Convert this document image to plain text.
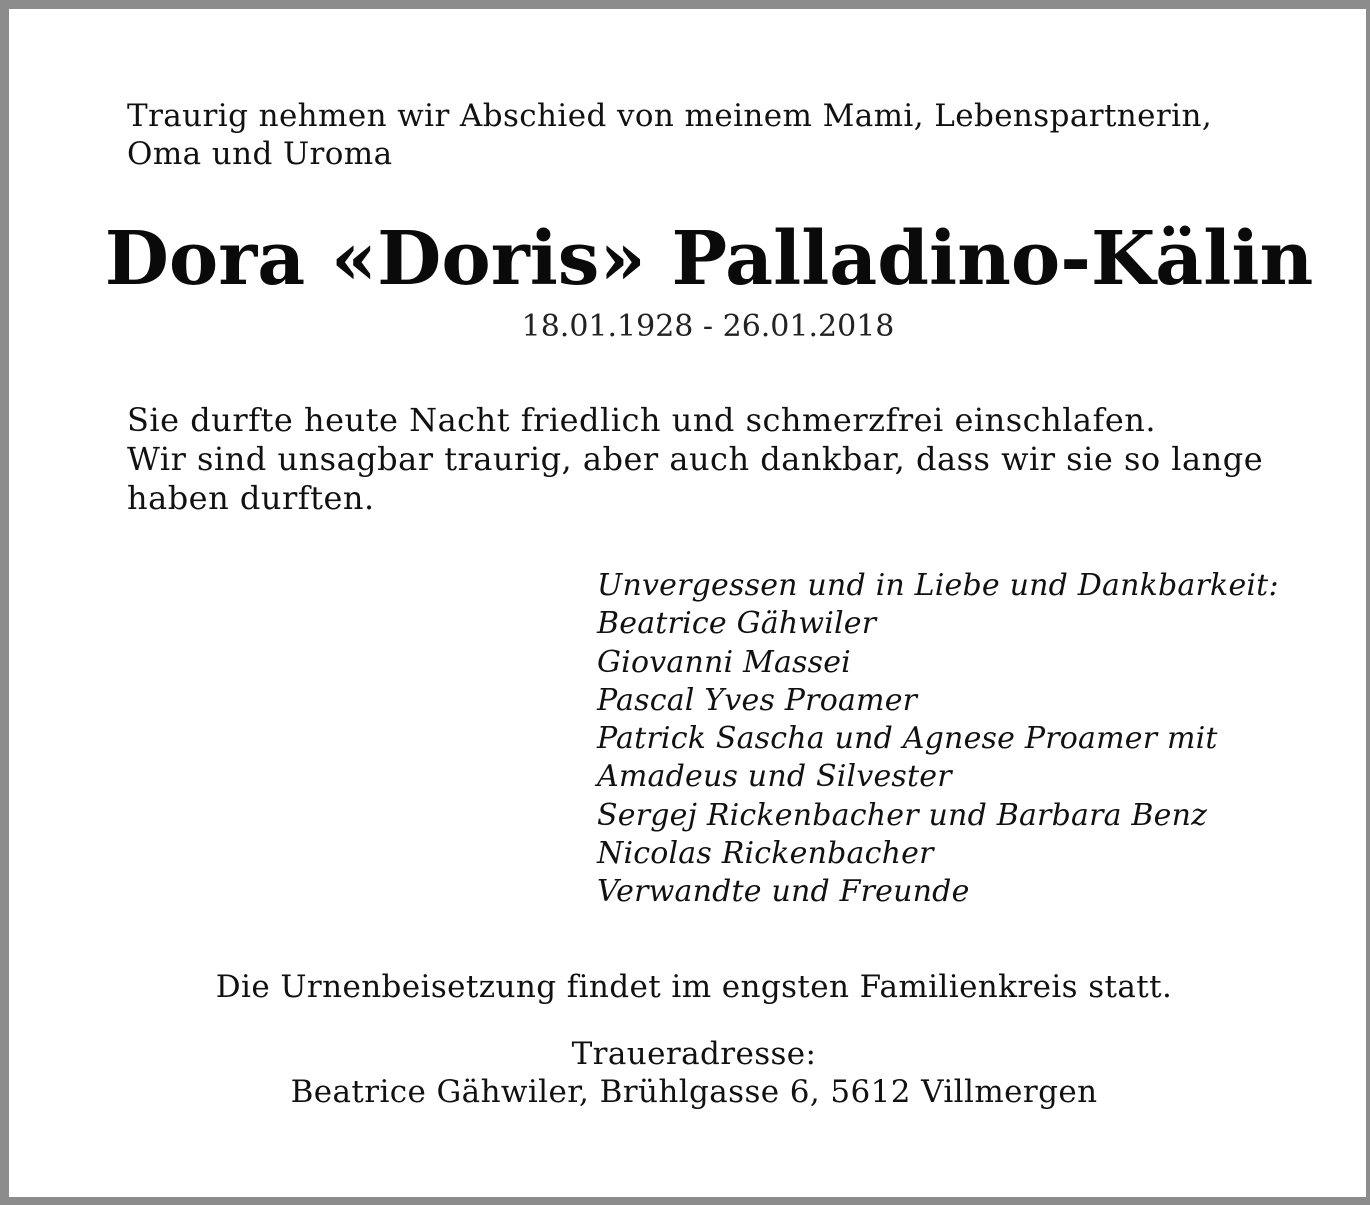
Traurig nehmen wir Abschied von meinem Mami, Lebenspartnerin,
Oma und Uroma

Dora «Doris» Palladino-Kälin

18.01.1928 - 26.01.2018

Sie durfte heute Nacht friedlich und schmerzfrei einschlafen.
Wir sind unsagbar traurig, aber auch dankbar, dass wir sie so lange
haben durften.

Unvergessen und in Liebe und Dankbarkeit:
Beatrice Gähwiler
Giovanni Massei
Pascal Yves Proamer
Patrick Sascha und Agnese Proamer mit
Amadeus und Silvester
Sergej Rickenbacher und Barbara Benz
Nicolas Rickenbacher
Verwandte und Freunde

Die Urnenbeisetzung findet im engsten Familienkreis statt.

Traueradresse:
Beatrice Gähwiler, Brühlgasse 6, 5612 Villmergen
